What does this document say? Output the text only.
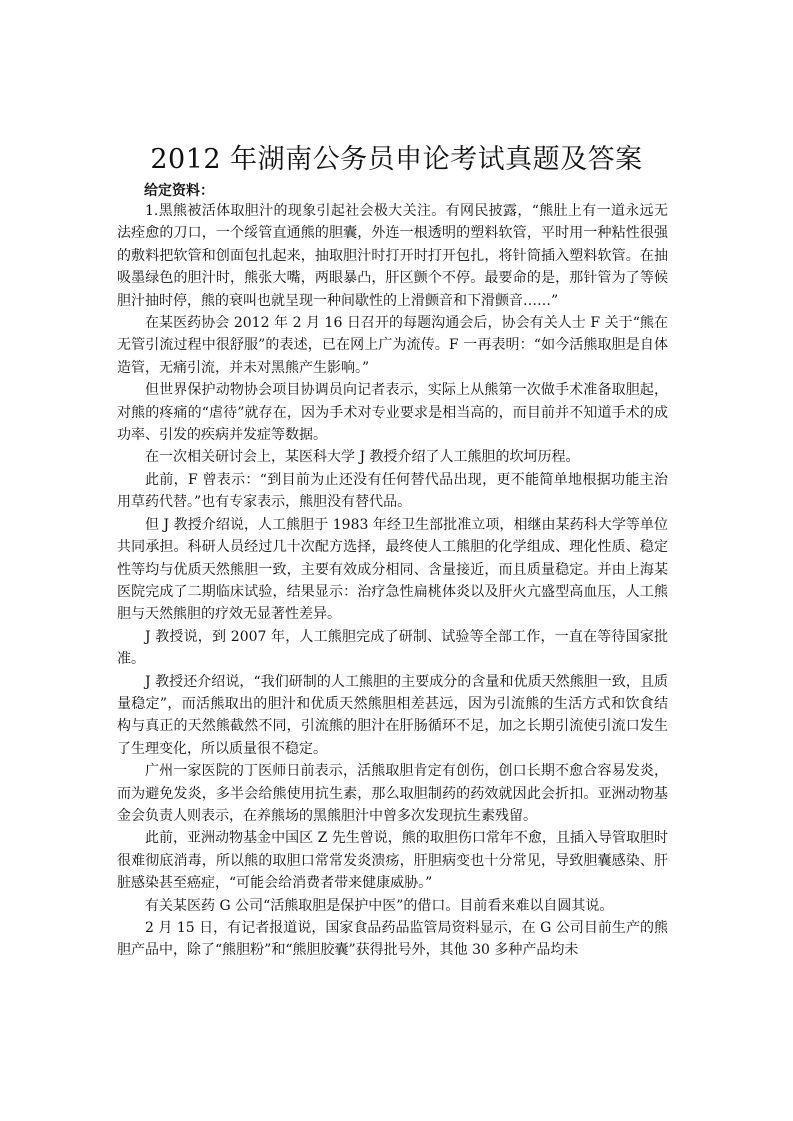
2012 年湖南公务员申论考试真题及答案
给定资料：

1.黑熊被活体取胆汁的现象引起社会极大关注。有网民披露，“熊肚上有一道永远无法痊愈的刀口，一个绥管直通熊的胆囊，外连一根透明的塑料软管，平时用一种粘性很强的敷料把软管和创面包扎起来，抽取胆汁时打开时打开包扎，将针筒插入塑料软管。在抽吸墨绿色的胆汁时，熊张大嘴，两眼暴凸，肝区颤个不停。最要命的是，那针管为了等候胆汁抽时停，熊的衰叫也就呈现一种间歇性的上滑颤音和下滑颤音……”

在某医药协会 2012 年 2 月 16 日召开的每题沟通会后，协会有关人士 F 关于“熊在无管引流过程中很舒服”的表述，已在网上广为流传。F 一再表明：“如今活熊取胆是自体造管，无痛引流，并未对黑熊产生影响。”

但世界保护动物协会项目协调员向记者表示，实际上从熊第一次做手术准备取胆起，对熊的疼痛的“虐待”就存在，因为手术对专业要求是相当高的，而目前并不知道手术的成功率、引发的疾病并发症等数据。

在一次相关研讨会上，某医科大学 J 教授介绍了人工熊胆的坎坷历程。

此前，F 曾表示：“到目前为止还没有任何替代品出现，更不能简单地根据功能主治用草药代替。”也有专家表示，熊胆没有替代品。

但 J 教授介绍说，人工熊胆于 1983 年经卫生部批准立项，相继由某药科大学等单位共同承担。科研人员经过几十次配方选择，最终使人工熊胆的化学组成、理化性质、稳定性等均与优质天然熊胆一致，主要有效成分相同、含量接近，而且质量稳定。并由上海某医院完成了二期临床试验，结果显示：治疗急性扁桃体炎以及肝火亢盛型高血压，人工熊胆与天然熊胆的疗效无显著性差异。

J 教授说，到 2007 年，人工熊胆完成了研制、试验等全部工作，一直在等待国家批准。

J 教授还介绍说，“我们研制的人工熊胆的主要成分的含量和优质天然熊胆一致，且质量稳定”，而活熊取出的胆汁和优质天然熊胆相差甚远，因为引流熊的生活方式和饮食结构与真正的天然熊截然不同，引流熊的胆汁在肝肠循环不足，加之长期引流使引流口发生了生理变化，所以质量很不稳定。

广州一家医院的丁医师日前表示，活熊取胆肯定有创伤，创口长期不愈合容易发炎，而为避免发炎，多半会给熊使用抗生素，那么取胆制药的药效就因此会折扣。亚洲动物基金会负责人则表示，在养熊场的黑熊胆汁中曾多次发现抗生素残留。

此前，亚洲动物基金中国区 Z 先生曾说，熊的取胆伤口常年不愈，且插入导管取胆时很难彻底消毒，所以熊的取胆口常常发炎溃疡，肝胆病变也十分常见，导致胆囊感染、肝脏感染甚至癌症，“可能会给消费者带来健康威胁。”

有关某医药 G 公司“活熊取胆是保护中医”的借口。目前看来难以自圆其说。

2 月 15 日，有记者报道说，国家食品药品监管局资料显示，在 G 公司目前生产的熊胆产品中，除了“熊胆粉”和“熊胆胶囊”获得批号外，其他 30 多种产品均未
